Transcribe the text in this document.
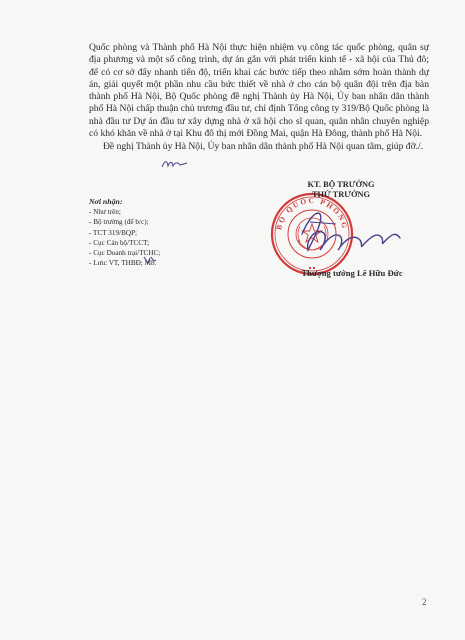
Quốc phòng và Thành phố Hà Nội thực hiện nhiệm vụ công tác quốc phòng, quân sự địa phương và một số công trình, dự án gắn với phát triển kinh tế - xã hội của Thủ đô; để có cơ sở đẩy nhanh tiến độ, triển khai các bước tiếp theo nhằm sớm hoàn thành dự án, giải quyết một phần nhu cầu bức thiết về nhà ở cho cán bộ quân đội trên địa bàn thành phố Hà Nội, Bộ Quốc phòng đề nghị Thành ủy Hà Nội, Ủy ban nhân dân thành phố Hà Nội chấp thuận chủ trương đầu tư, chỉ định Tổng công ty 319/Bộ Quốc phòng là nhà đầu tư Dự án đầu tư xây dựng nhà ở xã hội cho sĩ quan, quân nhân chuyên nghiệp có khó khăn về nhà ở tại Khu đô thị mới Đồng Mai, quận Hà Đông, thành phố Hà Nội.

Đề nghị Thành ủy Hà Nội, Ủy ban nhân dân thành phố Hà Nội quan tâm, giúp đỡ./.

Nơi nhận:
- Như trên;
- Bộ trưởng (để b/c);
- TCT 319/BQP;
- Cục Cán bộ/TCCT;
- Cục Doanh trại/TCHC;
- Lưu: VT, THBĐ; M8.
BỘ QUỐC PHÒNG
KT. BỘ TRƯỞNG
THỨ TRƯỞNG
Thượng tướng Lê Hữu Đức
2
